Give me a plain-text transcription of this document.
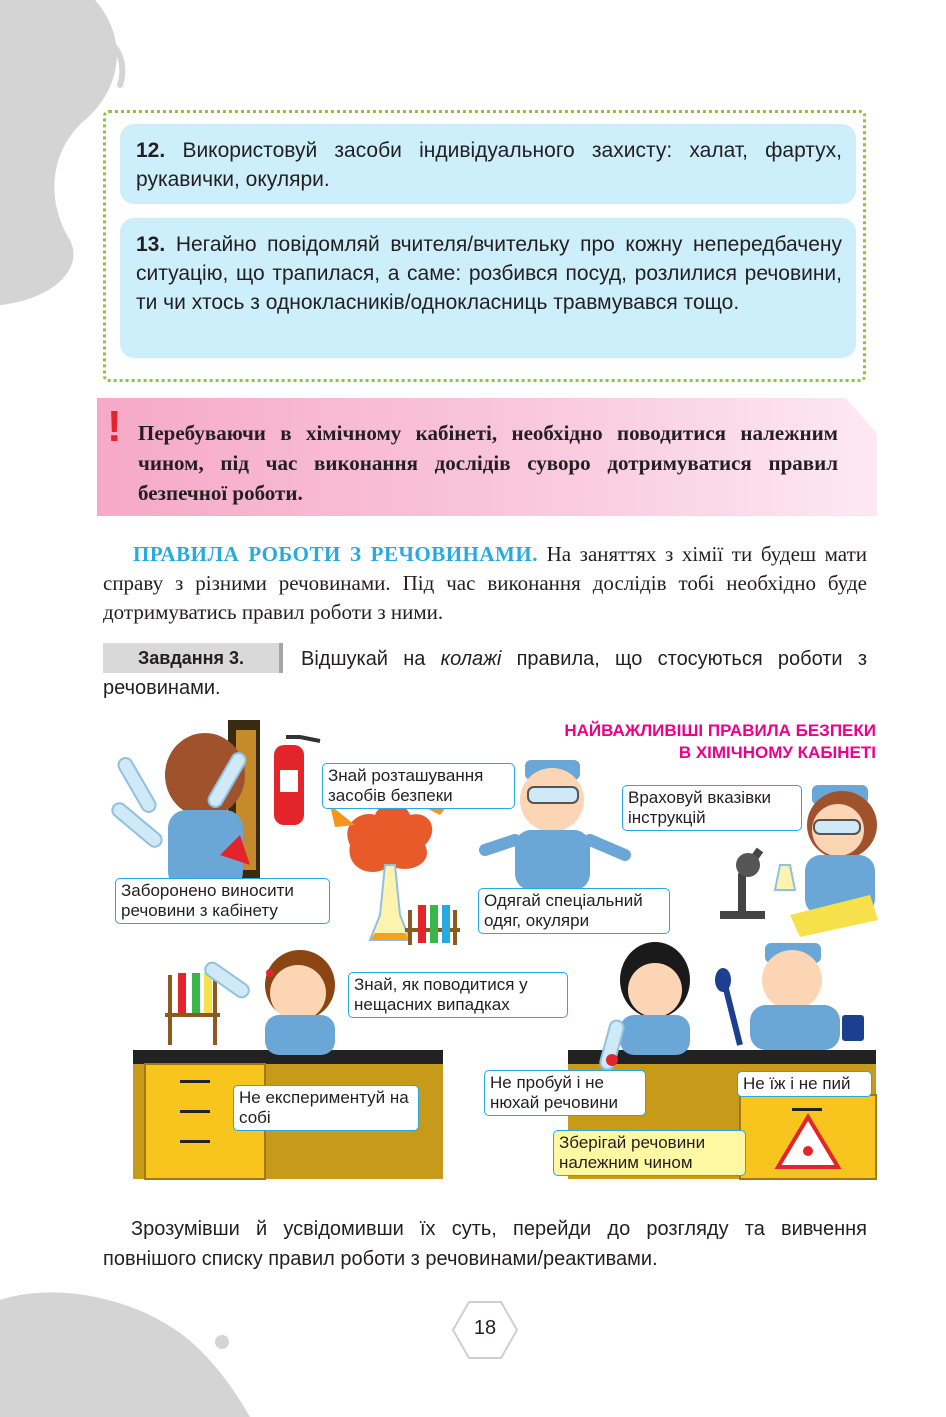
12. Використовуй засоби індивідуального захисту: халат, фартух, рукавички, окуляри.
13. Негайно повідомляй вчителя/вчительку про кожну непередбачену ситуацію, що трапилася, а саме: розбився посуд, розлилися речовини, ти чи хтось з однокласників/однокласниць травмувався тощо.
! Перебуваючи в хімічному кабінеті, необхідно поводитися належним чином, під час виконання дослідів суворо дотримуватися правил безпечної роботи.
ПРАВИЛА РОБОТИ З РЕЧОВИНАМИ. На заняттях з хімії ти будеш мати справу з різними речовинами. Під час виконання дослідів тобі необхідно буде дотримуватись правил роботи з ними.
Відшукай на колажі правила, що стосуються роботи з речовинами.
Завдання 3.
НАЙВАЖЛИВІШІ ПРАВИЛА БЕЗПЕКИ
В ХІМІЧНОМУ КАБІНЕТІ
Знай розташування засобів безпеки	Враховуй вказівки інструкцій
Заборонено виносити речовини з кабінету
Одягай спеціальний одяг, окуляри
Знай, як поводитися у нещасних випадках
Не експериментуй на собі
Не пробуй і не нюхай речовини
Не їж і не пий
Зберігай речовини належним чином
Зрозумівши й усвідомивши їх суть, перейди до розгляду та вивчення повнішого списку правил роботи з речовинами/реактивами.
18
